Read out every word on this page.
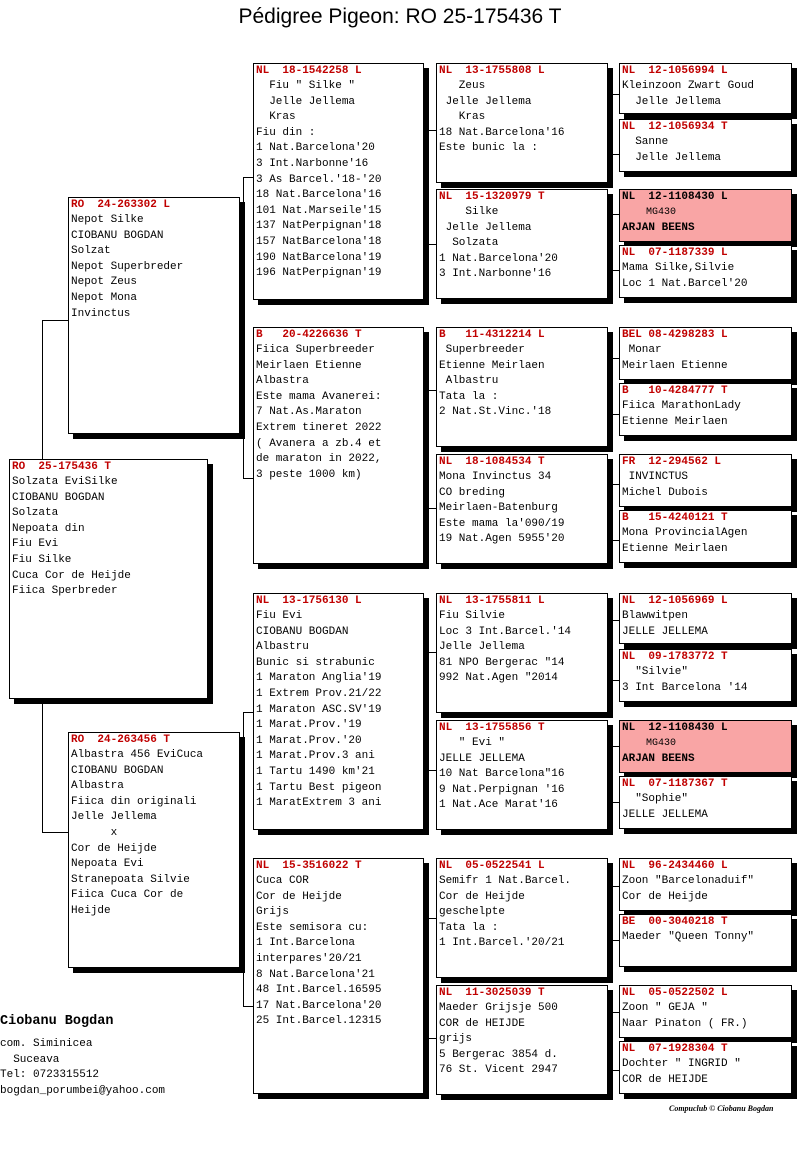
Pédigree Pigeon: RO 25-175436 T
RO  25-175436 T
Solzata EviSilke
CIOBANU BOGDAN
Solzata
Nepoata din
Fiu Evi
Fiu Silke
Cuca Cor de Heijde
Fiica Sperbreder
RO  24-263302 L
Nepot Silke
CIOBANU BOGDAN
Solzat
Nepot Superbreder
Nepot Zeus
Nepot Mona
Invinctus
RO  24-263456 T
Albastra 456 EviCuca
CIOBANU BOGDAN
Albastra
Fiica din originali
Jelle Jellema
x
Cor de Heijde
Nepoata Evi
Stranepoata Silvie
Fiica Cuca Cor de
Heijde
NL  18-1542258 L
Fiu " Silke "
Jelle Jellema
Kras
Fiu din :
1 Nat.Barcelona'20
3 Int.Narbonne'16
3 As Barcel.'18-'20
18 Nat.Barcelona'16
101 Nat.Marseile'15
137 NatPerpignan'18
157 NatBarcelona'18
190 NatBarcelona'19
196 NatPerpignan'19
B   20-4226636 T
Fiica Superbreeder
Meirlaen Etienne
Albastra
Este mama Avanerei:
7 Nat.As.Maraton
Extrem tineret 2022
( Avanera a zb.4 et
de maraton in 2022,
3 peste 1000 km)
NL  13-1756130 L
Fiu Evi
CIOBANU BOGDAN
Albastru
Bunic si strabunic
1 Maraton Anglia'19
1 Extrem Prov.21/22
1 Maraton ASC.SV'19
1 Marat.Prov.'19
1 Marat.Prov.'20
1 Marat.Prov.3 ani
1 Tartu 1490 km'21
1 Tartu Best pigeon
1 MaratExtrem 3 ani
NL  15-3516022 T
Cuca COR
Cor de Heijde
Grijs
Este semisora cu:
1 Int.Barcelona
interpares'20/21
8 Nat.Barcelona'21
48 Int.Barcel.16595
17 Nat.Barcelona'20
25 Int.Barcel.12315
NL  13-1755808 L
Zeus
Jelle Jellema
Kras
18 Nat.Barcelona'16
Este bunic la :
NL  15-1320979 T
Silke
Jelle Jellema
Solzata
1 Nat.Barcelona'20
3 Int.Narbonne'16
B   11-4312214 L
Superbreeder
Etienne Meirlaen
Albastru
Tata la :
2 Nat.St.Vinc.'18
NL  18-1084534 T
Mona Invinctus 34
CO breding
Meirlaen-Batenburg
Este mama la'090/19
19 Nat.Agen 5955'20
NL  13-1755811 L
Fiu Silvie
Loc 3 Int.Barcel.'14
Jelle Jellema
81 NPO Bergerac "14
992 Nat.Agen "2014
NL  13-1755856 T
" Evi "
JELLE JELLEMA
10 Nat Barcelona"16
9 Nat.Perpignan '16
1 Nat.Ace Marat'16
NL  05-0522541 L
Semifr 1 Nat.Barcel.
Cor de Heijde
geschelpte
Tata la :
1 Int.Barcel.'20/21
NL  11-3025039 T
Maeder Grijsje 500
COR de HEIJDE
grijs
5 Bergerac 3854 d.
76 St. Vicent 2947
NL  12-1056994 L
Kleinzoon Zwart Goud
Jelle Jellema
NL  12-1056934 T
Sanne
Jelle Jellema
NL  12-1108430 L
MG430
ARJAN BEENS
NL  07-1187339 L
Mama Silke,Silvie
Loc 1 Nat.Barcel'20
BEL 08-4298283 L
Monar
Meirlaen Etienne
B   10-4284777 T
Fiica MarathonLady
Etienne Meirlaen
FR  12-294562 L
INVINCTUS
Michel Dubois
B   15-4240121 T
Mona ProvincialAgen
Etienne Meirlaen
NL  12-1056969 L
Blawwitpen
JELLE JELLEMA
NL  09-1783772 T
"Silvie"
3 Int Barcelona '14
NL  12-1108430 L
MG430
ARJAN BEENS
NL  07-1187367 T
"Sophie"
JELLE JELLEMA
NL  96-2434460 L
Zoon "Barcelonaduif"
Cor de Heijde
BE  00-3040218 T
Maeder "Queen Tonny"
NL  05-0522502 L
Zoon " GEJA "
Naar Pinaton ( FR.)
NL  07-1928304 T
Dochter " INGRID "
COR de HEIJDE
Ciobanu Bogdan
com. Siminicea
Suceava
Tel: 0723315512
bogdan_porumbei@yahoo.com
Compuclub © Ciobanu Bogdan
